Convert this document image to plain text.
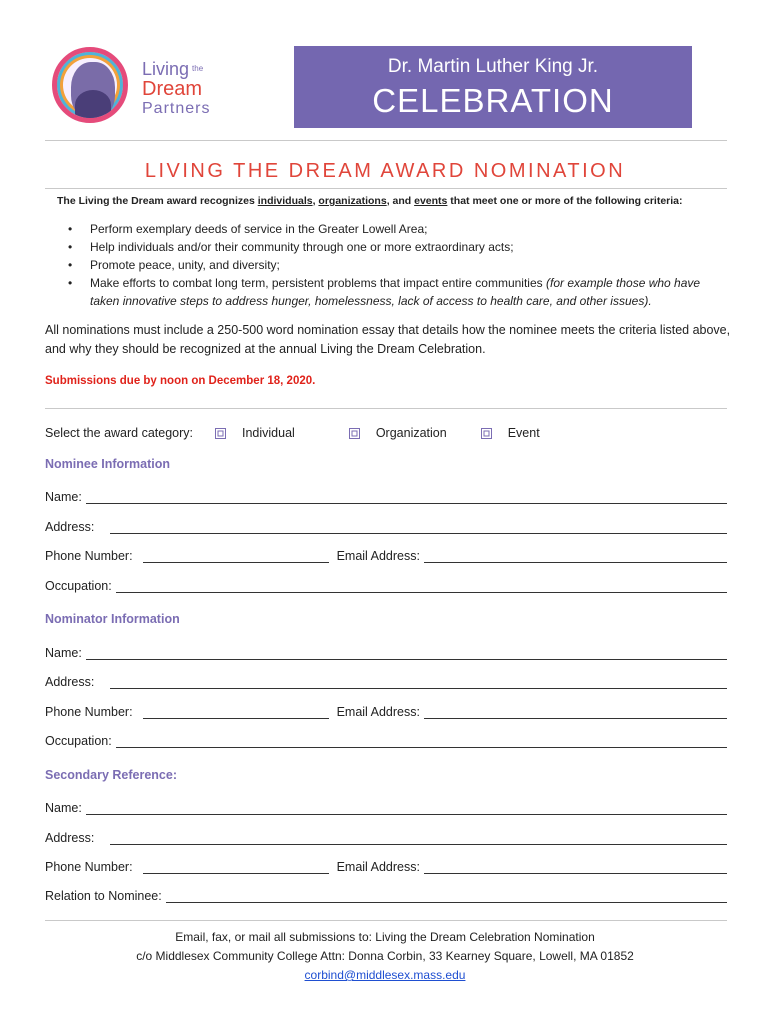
Living $^{the}$
Dream
Partners
Dr. Martin Luther King Jr.
CELEBRATION
LIVING THE DREAM AWARD NOMINATION
The Living the Dream award recognizes individuals, organizations, and events that meet one or more of the following criteria:
• Perform exemplary deeds of service in the Greater Lowell Area;
• Help individuals and/or their community through one or more extraordinary acts;
• Promote peace, unity, and diversity;
• Make efforts to combat long term, persistent problems that impact entire communities (for example those who have taken innovative steps to address hunger, homelessness, lack of access to health care, and other issues).
All nominations must include a 250-500 word nomination essay that details how the nominee meets the criteria listed above, and why they should be recognized at the annual Living the Dream Celebration.
Submissions due by noon on December 18, 2020.
Select the award category:	Individual	Organization	Event
Nominee Information
Name:
Address:
Phone Number:	Email Address:
Occupation:
Nominator Information
Name:
Address:
Phone Number:	Email Address:
Occupation:
Secondary Reference:
Name:
Address:
Phone Number:	Email Address:
Relation to Nominee:
Email, fax, or mail all submissions to: Living the Dream Celebration Nomination
c/o Middlesex Community College Attn: Donna Corbin, 33 Kearney Square, Lowell, MA 01852
corbind@middlesex.mass.edu
